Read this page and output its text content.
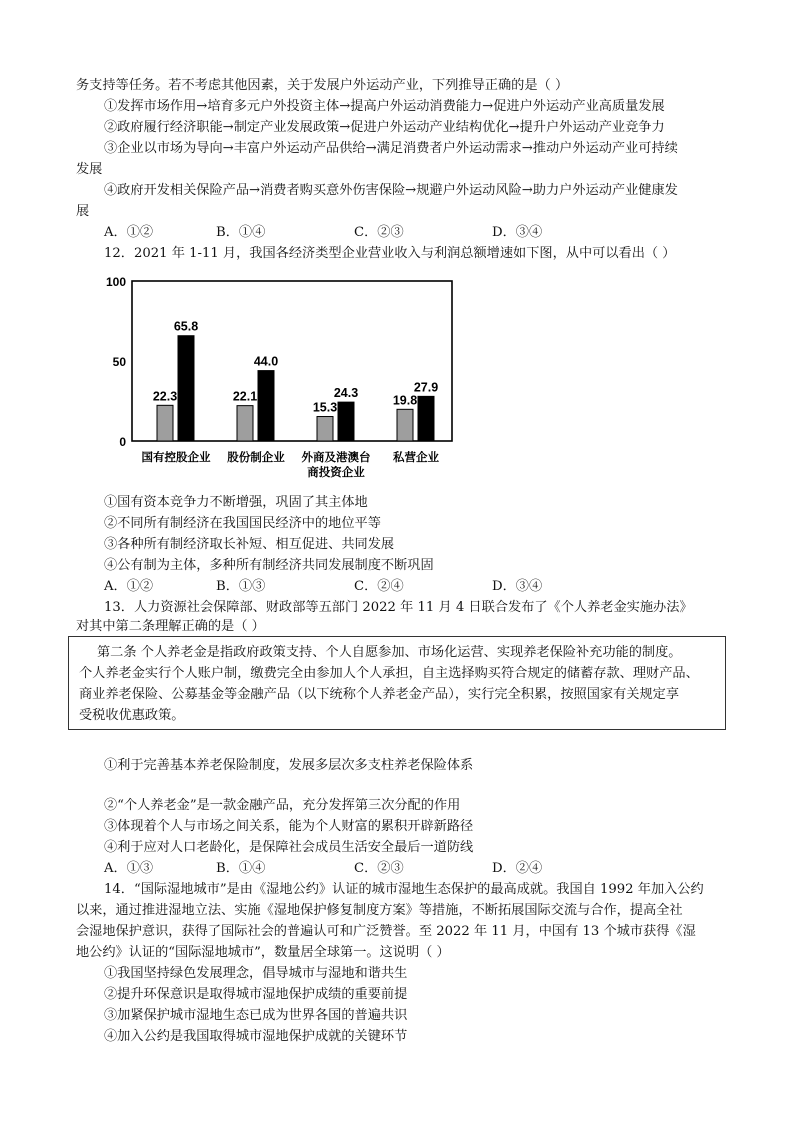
务支持等任务。若不考虑其他因素，关于发展户外运动产业，下列推导正确的是（ ）
①发挥市场作用→培育多元户外投资主体→提高户外运动消费能力→促进户外运动产业高质量发展
②政府履行经济职能→制定产业发展政策→促进户外运动产业结构优化→提升户外运动产业竞争力
③企业以市场为导向→丰富户外运动产品供给→满足消费者户外运动需求→推动户外运动产业可持续
发展
④政府开发相关保险产品→消费者购买意外伤害保险→规避户外运动风险→助力户外运动产业健康发
展
A．①②	B．①④	C．②③	D．③④
12．2021 年 1-11 月，我国各经济类型企业营业收入与利润总额增速如下图，从中可以看出（ ）
100
50
0
22.3
65.8
国有控股企业
22.1
44.0
股份制企业
15.3
24.3
外商及港澳台
商投资企业
19.8
27.9
私营企业
①国有资本竞争力不断增强，巩固了其主体地
②不同所有制经济在我国国民经济中的地位平等
③各种所有制经济取长补短、相互促进、共同发展
④公有制为主体，多种所有制经济共同发展制度不断巩固
A．①②	B．①③	C．②④	D．③④
13．人力资源社会保障部、财政部等五部门 2022 年 11 月 4 日联合发布了《个人养老金实施办法》
对其中第二条理解正确的是（ ）
第二条 个人养老金是指政府政策支持、个人自愿参加、市场化运营、实现养老保险补充功能的制度。
个人养老金实行个人账户制，缴费完全由参加人个人承担，自主选择购买符合规定的储蓄存款、理财产品、
商业养老保险、公募基金等金融产品（以下统称个人养老金产品），实行完全积累，按照国家有关规定享
受税收优惠政策。
①利于完善基本养老保险制度，发展多层次多支柱养老保险体系
②“个人养老金”是一款金融产品，充分发挥第三次分配的作用
③体现着个人与市场之间关系，能为个人财富的累积开辟新路径
④利于应对人口老龄化，是保障社会成员生活安全最后一道防线
A．①③	B．①④	C．②③	D．②④
14．“国际湿地城市”是由《湿地公约》认证的城市湿地生态保护的最高成就。我国自 1992 年加入公约
以来，通过推进湿地立法、实施《湿地保护修复制度方案》等措施，不断拓展国际交流与合作，提高全社
会湿地保护意识，获得了国际社会的普遍认可和广泛赞誉。至 2022 年 11 月，中国有 13 个城市获得《湿
地公约》认证的“国际湿地城市”，数量居全球第一。这说明（ ）
①我国坚持绿色发展理念，倡导城市与湿地和谐共生
②提升环保意识是取得城市湿地保护成绩的重要前提
③加紧保护城市湿地生态已成为世界各国的普遍共识
④加入公约是我国取得城市湿地保护成就的关键环节
